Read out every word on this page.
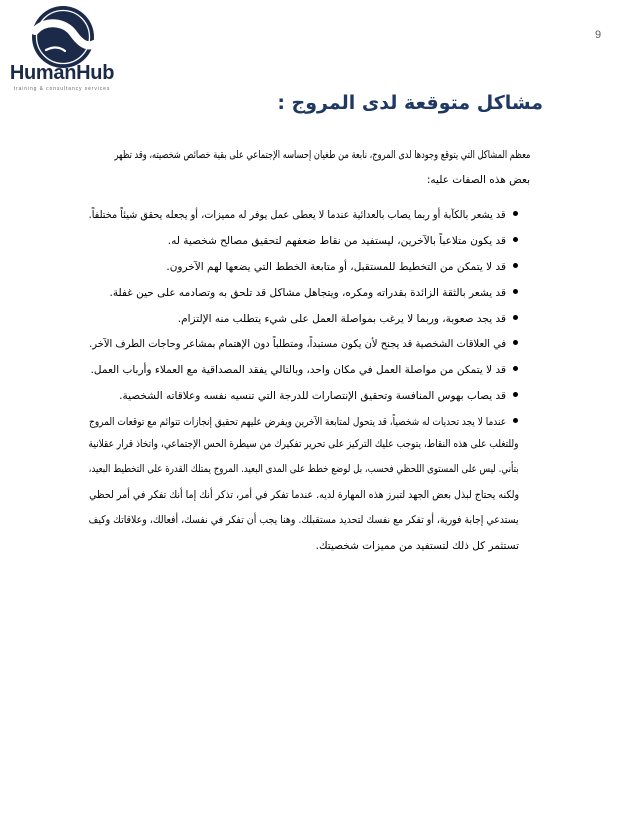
HumanHub
training & consultancy services
9
مشاكل متوقعة لدى المروج :
معظم المشاكل التي يتوقع وجودها لدى المروج، نابعة من طغيان إحساسه الإجتماعي على بقية خصائص شخصيته، وقد تظهر
بعض هذه الصفات عليه:
قد يشعر بالكآبة أو ربما يصاب بالعدائية عندما لا يعطى عمل يوفر له مميزات، أو يجعله يحقق شيئاً مختلفاً.
قد يكون متلاعباً بالآخرين، ليستفيد من نقاط ضعفهم لتحقيق مصالح شخصية له.
قد لا يتمكن من التخطيط للمستقبل، أو متابعة الخطط التي يضعها لهم الآخرون.
قد يشعر بالثقة الزائدة بقدراته ومكره، ويتجاهل مشاكل قد تلحق به وتصادمه على حين غفلة.
قد يجد صعوبة، وربما لا يرغب بمواصلة العمل على شيء يتطلب منه الإلتزام.
في العلاقات الشخصية قد يجنح لأن يكون مستبداً، ومتطلباً دون الإهتمام بمشاعر وحاجات الطرف الآخر.
قد لا يتمكن من مواصلة العمل في مكان واحد، وبالتالي يفقد المصداقية مع العملاء وأرباب العمل.
قد يصاب بهوس المنافسة وتحقيق الإنتصارات للدرجة التي تنسيه نفسه وعلاقاته الشخصية.
عندما لا يجد تحديات له شخصياً، قد يتحول لمتابعة الآخرين ويفرض عليهم تحقيق إنجازات تتوائم مع توقعات المروج
وللتغلب على هذه النقاط، يتوجب عليك التركيز على تحرير تفكيرك من سيطرة الحس الإجتماعي، واتخاذ قرار عقلانية
بتأني. ليس على المستوى اللحظي فحسب، بل لوضع خطط على المدى البعيد. المروج يمتلك القدرة على التخطيط البعيد،
ولكنه يحتاج لبذل بعض الجهد لتبرز هذه المهارة لديه. عندما تفكر في أمر، تذكر أنك إما أنك تفكر في أمر لحظي
يستدعي إجابة فورية، أو تفكر مع نفسك لتحديد مستقبلك. وهنا يجب أن تفكر في نفسك، أفعالك، وعلاقاتك وكيف
تستثمر كل ذلك لتستفيد من مميزات شخصيتك.
